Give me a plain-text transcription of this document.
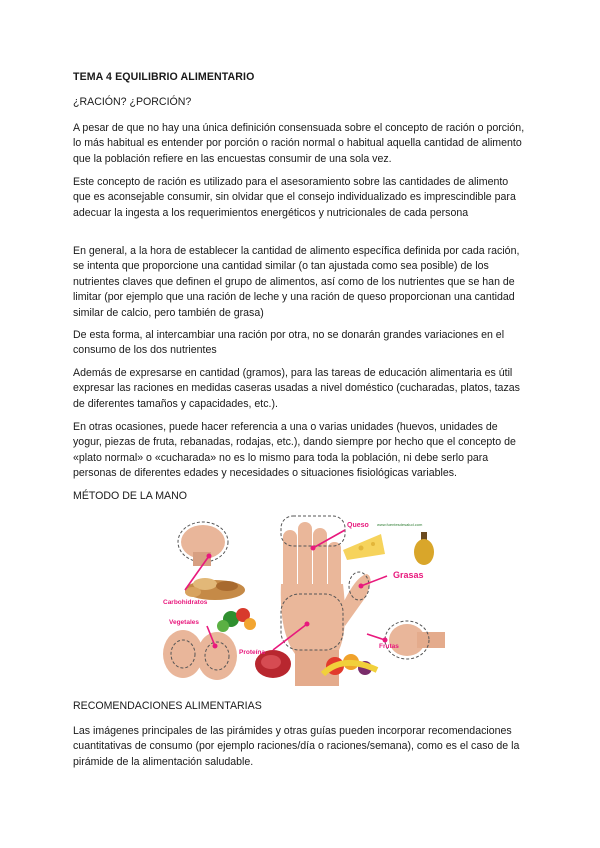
TEMA 4 EQUILIBRIO ALIMENTARIO

¿RACIÓN? ¿PORCIÓN?

A pesar de que no hay una única definición consensuada sobre el concepto de ración o porción, lo más habitual es entender por porción o ración normal o habitual aquella cantidad de alimento que la población refiere en las encuestas consumir de una sola vez.

Este concepto de ración es utilizado para el asesoramiento sobre las cantidades de alimento que es aconsejable consumir, sin olvidar que el consejo individualizado es imprescindible para adecuar la ingesta a los requerimientos energéticos y nutricionales de cada persona

En general, a la hora de establecer la cantidad de alimento específica definida por cada ración, se intenta que proporcione una cantidad similar (o tan ajustada como sea posible) de los nutrientes claves que definen el grupo de alimentos, así como de los nutrientes que se han de limitar (por ejemplo que una ración de leche y una ración de queso proporcionan una cantidad similar de calcio, pero también de grasa)

De esta forma, al intercambiar una ración por otra, no se donarán grandes variaciones en el consumo de los dos nutrientes

Además de expresarse en cantidad (gramos), para las tareas de educación alimentaria es útil expresar las raciones en medidas caseras usadas a nivel doméstico (cucharadas, platos, tazas de diferentes tamaños y capacidades, etc.).

En otras ocasiones, puede hacer referencia a una o varias unidades (huevos, unidades de yogur, piezas de fruta, rebanadas, rodajas, etc.), dando siempre por hecho que el concepto de «plato normal» o «cucharada» no es lo mismo para toda la población, ni debe serlo para personas de diferentes edades y necesidades o situaciones fisiológicas variables.

MÉTODO DE LA MANO

Queso www.fuentesdesalud.com
Grasas
Carbohidratos
Vegetales
Proteína
Frutas

RECOMENDACIONES ALIMENTARIAS

Las imágenes principales de las pirámides y otras guías pueden incorporar recomendaciones cuantitativas de consumo (por ejemplo raciones/día o raciones/semana), como es el caso de la pirámide de la alimentación saludable.
